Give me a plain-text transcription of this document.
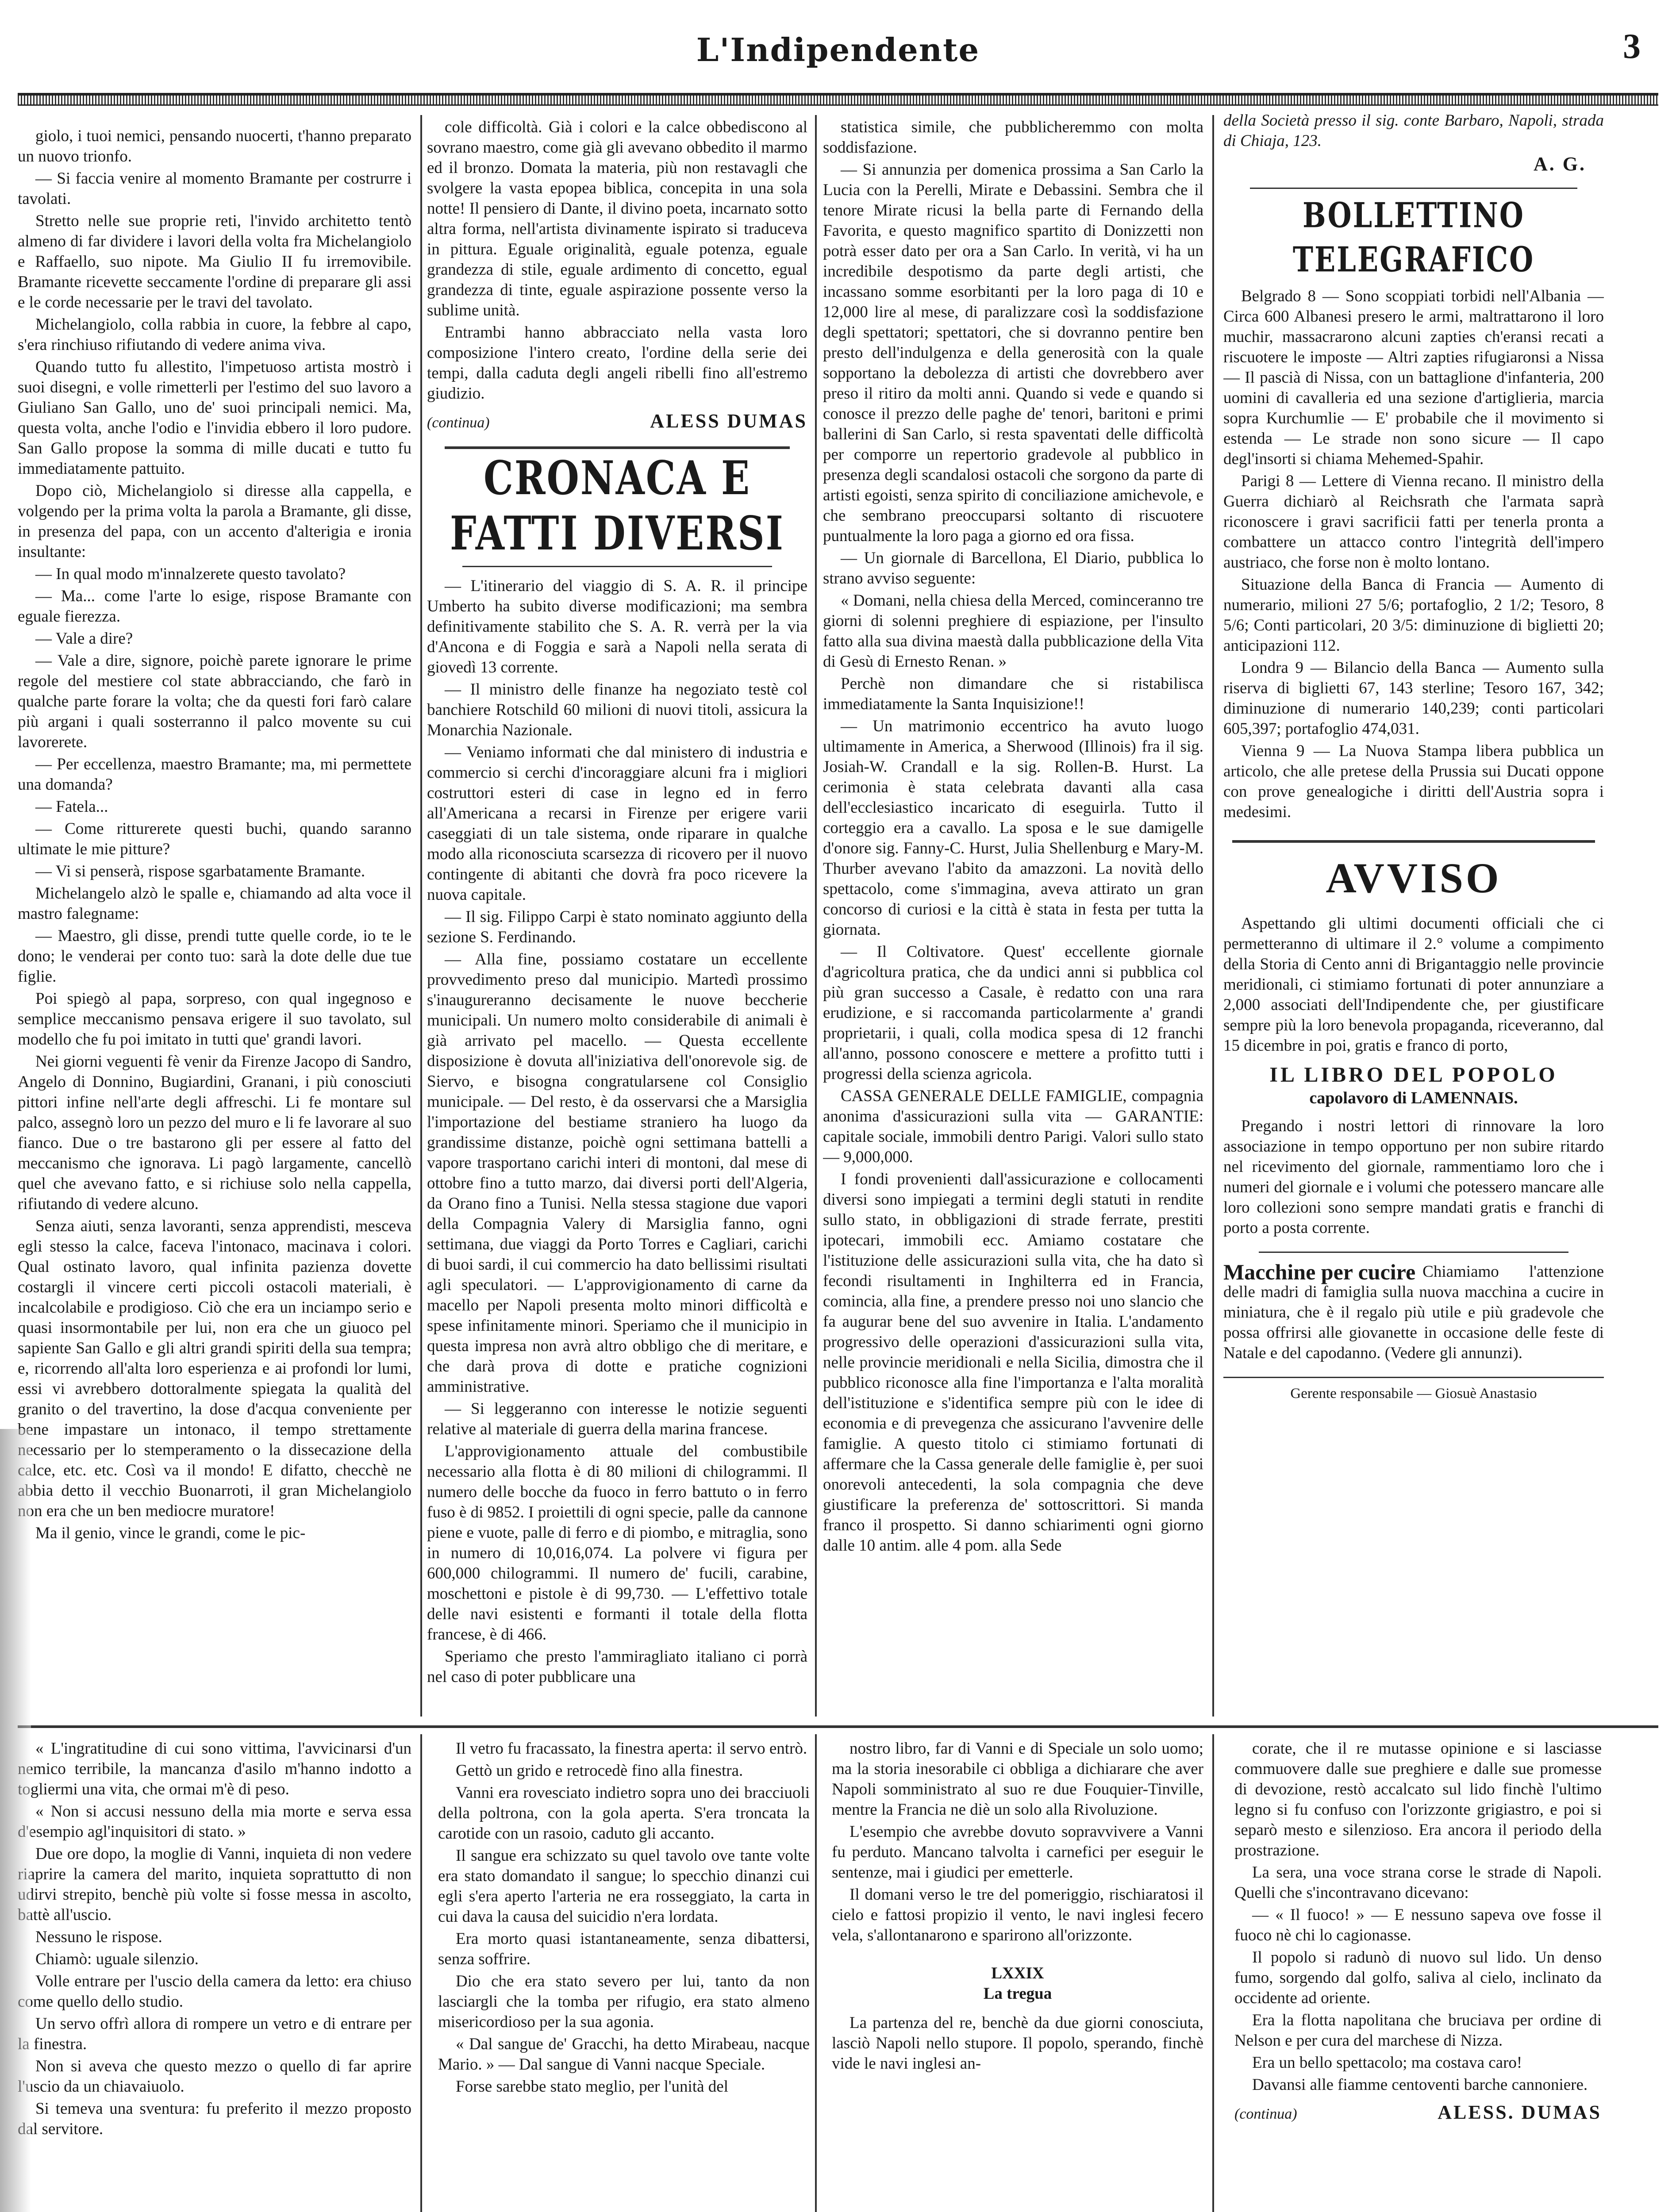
L'Indipendente	3

giolo, i tuoi nemici, pensando nuocerti, t'hanno preparato un nuovo trionfo.

— Si faccia venire al momento Bramante per costrurre i tavolati.

Stretto nelle sue proprie reti, l'invido architetto tentò almeno di far dividere i lavori della volta fra Michelangiolo e Raffaello, suo nipote. Ma Giulio II fu irremovibile. Bramante ricevette seccamente l'ordine di preparare gli assi e le corde necessarie per le travi del tavolato.

Michelangiolo, colla rabbia in cuore, la febbre al capo, s'era rinchiuso rifiutando di vedere anima viva.

Quando tutto fu allestito, l'impetuoso artista mostrò i suoi disegni, e volle rimetterli per l'estimo del suo lavoro a Giuliano San Gallo, uno de' suoi principali nemici. Ma, questa volta, anche l'odio e l'invidia ebbero il loro pudore. San Gallo propose la somma di mille ducati e tutto fu immediatamente pattuito.

Dopo ciò, Michelangiolo si diresse alla cappella, e volgendo per la prima volta la parola a Bramante, gli disse, in presenza del papa, con un accento d'alterigia e ironia insultante:

— In qual modo m'innalzerete questo tavolato?

— Ma... come l'arte lo esige, rispose Bramante con eguale fierezza.

— Vale a dire?

— Vale a dire, signore, poichè parete ignorare le prime regole del mestiere col state abbracciando, che farò in qualche parte forare la volta; che da questi fori farò calare più argani i quali sosterranno il palco movente su cui lavorerete.

— Per eccellenza, maestro Bramante; ma, mi permettete una domanda?

— Fatela...

— Come ritturerete questi buchi, quando saranno ultimate le mie pitture?

— Vi si penserà, rispose sgarbatamente Bramante.

Michelangelo alzò le spalle e, chiamando ad alta voce il mastro falegname:

— Maestro, gli disse, prendi tutte quelle corde, io te le dono; le venderai per conto tuo: sarà la dote delle due tue figlie.

Poi spiegò al papa, sorpreso, con qual ingegnoso e semplice meccanismo pensava erigere il suo tavolato, sul modello che fu poi imitato in tutti que' grandi lavori.

Nei giorni veguenti fè venir da Firenze Jacopo di Sandro, Angelo di Donnino, Bugiardini, Granani, i più conosciuti pittori infine nell'arte degli affreschi. Li fe montare sul palco, assegnò loro un pezzo del muro e li fe lavorare al suo fianco. Due o tre bastarono gli per essere al fatto del meccanismo che ignorava. Li pagò largamente, cancellò quel che avevano fatto, e si richiuse solo nella cappella, rifiutando di vedere alcuno.

Senza aiuti, senza lavoranti, senza apprendisti, mesceva egli stesso la calce, faceva l'intonaco, macinava i colori. Qual ostinato lavoro, qual infinita pazienza dovette costargli il vincere certi piccoli ostacoli materiali, è incalcolabile e prodigioso. Ciò che era un inciampo serio e quasi insormontabile per lui, non era che un giuoco pel sapiente San Gallo e gli altri grandi spiriti della sua tempra; e, ricorrendo all'alta loro esperienza e ai profondi lor lumi, essi vi avrebbero dottoralmente spiegata la qualità del granito o del travertino, la dose d'acqua conveniente per bene impastare un intonaco, il tempo strettamente necessario per lo stemperamento o la dissecazione della calce, etc. etc. Così va il mondo! E difatto, checchè ne abbia detto il vecchio Buonarroti, il gran Michelangiolo non era che un ben mediocre muratore!

Ma il genio, vince le grandi, come le pic-

cole difficoltà. Già i colori e la calce obbediscono al sovrano maestro, come già gli avevano obbedito il marmo ed il bronzo. Domata la materia, più non restavagli che svolgere la vasta epopea biblica, concepita in una sola notte! Il pensiero di Dante, il divino poeta, incarnato sotto altra forma, nell'artista divinamente ispirato si traduceva in pittura. Eguale originalità, eguale potenza, eguale grandezza di stile, eguale ardimento di concetto, egual grandezza di tinte, eguale aspirazione possente verso la sublime unità.

Entrambi hanno abbracciato nella vasta loro composizione l'intero creato, l'ordine della serie dei tempi, dalla caduta degli angeli ribelli fino all'estremo giudizio.

(continua)	ALESS DUMAS
CRONACA E FATTI DIVERSI

— L'itinerario del viaggio di S. A. R. il principe Umberto ha subito diverse modificazioni; ma sembra definitivamente stabilito che S. A. R. verrà per la via d'Ancona e di Foggia e sarà a Napoli nella serata di giovedì 13 corrente.

— Il ministro delle finanze ha negoziato testè col banchiere Rotschild 60 milioni di nuovi titoli, assicura la Monarchia Nazionale.

— Veniamo informati che dal ministero di industria e commercio si cerchi d'incoraggiare alcuni fra i migliori costruttori esteri di case in legno ed in ferro all'Americana a recarsi in Firenze per erigere varii caseggiati di un tale sistema, onde riparare in qualche modo alla riconosciuta scarsezza di ricovero per il nuovo contingente di abitanti che dovrà fra poco ricevere la nuova capitale.

— Il sig. Filippo Carpi è stato nominato aggiunto della sezione S. Ferdinando.

— Alla fine, possiamo costatare un eccellente provvedimento preso dal municipio. Martedì prossimo s'inaugureranno decisamente le nuove beccherie municipali. Un numero molto considerabile di animali è già arrivato pel macello. — Questa eccellente disposizione è dovuta all'iniziativa dell'onorevole sig. de Siervo, e bisogna congratularsene col Consiglio municipale. — Del resto, è da osservarsi che a Marsiglia l'importazione del bestiame straniero ha luogo da grandissime distanze, poichè ogni settimana battelli a vapore trasportano carichi interi di montoni, dal mese di ottobre fino a tutto marzo, dai diversi porti dell'Algeria, da Orano fino a Tunisi. Nella stessa stagione due vapori della Compagnia Valery di Marsiglia fanno, ogni settimana, due viaggi da Porto Torres e Cagliari, carichi di buoi sardi, il cui commercio ha dato bellissimi risultati agli speculatori. — L'approvigionamento di carne da macello per Napoli presenta molto minori difficoltà e spese infinitamente minori. Speriamo che il municipio in questa impresa non avrà altro obbligo che di meritare, e che darà prova di dotte e pratiche cognizioni amministrative.

— Si leggeranno con interesse le notizie seguenti relative al materiale di guerra della marina francese.

L'approvigionamento attuale del combustibile necessario alla flotta è di 80 milioni di chilogrammi. Il numero delle bocche da fuoco in ferro battuto o in ferro fuso è di 9852. I proiettili di ogni specie, palle da cannone piene e vuote, palle di ferro e di piombo, e mitraglia, sono in numero di 10,016,074. La polvere vi figura per 600,000 chilogrammi. Il numero de' fucili, carabine, moschettoni e pistole è di 99,730. — L'effettivo totale delle navi esistenti e formanti il totale della flotta francese, è di 466.

Speriamo che presto l'ammiragliato italiano ci porrà nel caso di poter pubblicare una

statistica simile, che pubblicheremmo con molta soddisfazione.

— Si annunzia per domenica prossima a San Carlo la Lucia con la Perelli, Mirate e Debassini. Sembra che il tenore Mirate ricusi la bella parte di Fernando della Favorita, e questo magnifico spartito di Donizzetti non potrà esser dato per ora a San Carlo. In verità, vi ha un incredibile despotismo da parte degli artisti, che incassano somme esorbitanti per la loro paga di 10 e 12,000 lire al mese, di paralizzare così la soddisfazione degli spettatori; spettatori, che si dovranno pentire ben presto dell'indulgenza e della generosità con la quale sopportano la debolezza di artisti che dovrebbero aver preso il ritiro da molti anni. Quando si vede e quando si conosce il prezzo delle paghe de' tenori, baritoni e primi ballerini di San Carlo, si resta spaventati delle difficoltà per comporre un repertorio gradevole al pubblico in presenza degli scandalosi ostacoli che sorgono da parte di artisti egoisti, senza spirito di conciliazione amichevole, e che sembrano preoccuparsi soltanto di riscuotere puntualmente la loro paga a giorno ed ora fissa.

— Un giornale di Barcellona, El Diario, pubblica lo strano avviso seguente:

« Domani, nella chiesa della Merced, cominceranno tre giorni di solenni preghiere di espiazione, per l'insulto fatto alla sua divina maestà dalla pubblicazione della Vita di Gesù di Ernesto Renan. »

Perchè non dimandare che si ristabilisca immediatamente la Santa Inquisizione!!

— Un matrimonio eccentrico ha avuto luogo ultimamente in America, a Sherwood (Illinois) fra il sig. Josiah-W. Crandall e la sig. Rollen-B. Hurst. La cerimonia è stata celebrata davanti alla casa dell'ecclesiastico incaricato di eseguirla. Tutto il corteggio era a cavallo. La sposa e le sue damigelle d'onore sig. Fanny-C. Hurst, Julia Shellenburg e Mary-M. Thurber avevano l'abito da amazzoni. La novità dello spettacolo, come s'immagina, aveva attirato un gran concorso di curiosi e la città è stata in festa per tutta la giornata.

— Il Coltivatore. Quest' eccellente giornale d'agricoltura pratica, che da undici anni si pubblica col più gran successo a Casale, è redatto con una rara erudizione, e si raccomanda particolarmente a' grandi proprietarii, i quali, colla modica spesa di 12 franchi all'anno, possono conoscere e mettere a profitto tutti i progressi della scienza agricola.

CASSA GENERALE DELLE FAMIGLIE, compagnia anonima d'assicurazioni sulla vita — GARANTIE: capitale sociale, immobili dentro Parigi. Valori sullo stato — 9,000,000.

I fondi provenienti dall'assicurazione e collocamenti diversi sono impiegati a termini degli statuti in rendite sullo stato, in obbligazioni di strade ferrate, prestiti ipotecari, immobili ecc. Amiamo costatare che l'istituzione delle assicurazioni sulla vita, che ha dato sì fecondi risultamenti in Inghilterra ed in Francia, comincia, alla fine, a prendere presso noi uno slancio che fa augurar bene del suo avvenire in Italia. L'andamento progressivo delle operazioni d'assicurazioni sulla vita, nelle provincie meridionali e nella Sicilia, dimostra che il pubblico riconosce alla fine l'importanza e l'alta moralità dell'istituzione e s'identifica sempre più con le idee di economia e di prevegenza che assicurano l'avvenire delle famiglie. A questo titolo ci stimiamo fortunati di affermare che la Cassa generale delle famiglie è, per suoi onorevoli antecedenti, la sola compagnia che deve giustificare la preferenza de' sottoscrittori. Si manda franco il prospetto. Si danno schiarimenti ogni giorno dalle 10 antim. alle 4 pom. alla Sede

della Società presso il sig. conte Barbaro, Napoli, strada di Chiaja, 123.

A. G.
BOLLETTINO TELEGRAFICO

Belgrado 8 — Sono scoppiati torbidi nell'Albania — Circa 600 Albanesi presero le armi, maltrattarono il loro muchir, massacrarono alcuni zapties ch'eransi recati a riscuotere le imposte — Altri zapties rifugiaronsi a Nissa — Il pascià di Nissa, con un battaglione d'infanteria, 200 uomini di cavalleria ed una sezione d'artiglieria, marcia sopra Kurchumlie — E' probabile che il movimento si estenda — Le strade non sono sicure — Il capo degl'insorti si chiama Mehemed-Spahir.

Parigi 8 — Lettere di Vienna recano. Il ministro della Guerra dichiarò al Reichsrath che l'armata saprà riconoscere i gravi sacrificii fatti per tenerla pronta a combattere un attacco contro l'integrità dell'impero austriaco, che forse non è molto lontano.

Situazione della Banca di Francia — Aumento di numerario, milioni 27 5/6; portafoglio, 2 1/2; Tesoro, 8 5/6; Conti particolari, 20 3/5: diminuzione di biglietti 20; anticipazioni 112.

Londra 9 — Bilancio della Banca — Aumento sulla riserva di biglietti 67, 143 sterline; Tesoro 167, 342; diminuzione di numerario 140,239; conti particolari 605,397; portafoglio 474,031.

Vienna 9 — La Nuova Stampa libera pubblica un articolo, che alle pretese della Prussia sui Ducati oppone con prove genealogiche i diritti dell'Austria sopra i medesimi.

AVVISO

Aspettando gli ultimi documenti officiali che ci permetteranno di ultimare il 2.° volume a compimento della Storia di Cento anni di Brigantaggio nelle provincie meridionali, ci stimiamo fortunati di poter annunziare a 2,000 associati dell'Indipendente che, per giustificare sempre più la loro benevola propaganda, riceveranno, dal 15 dicembre in poi, gratis e franco di porto,

IL LIBRO DEL POPOLO
capolavoro di LAMENNAIS.

Pregando i nostri lettori di rinnovare la loro associazione in tempo opportuno per non subire ritardo nel ricevimento del giornale, rammentiamo loro che i numeri del giornale e i volumi che potessero mancare alle loro collezioni sono sempre mandati gratis e franchi di porto a posta corrente.

Macchine per cucire Chiamiamo l'attenzione delle madri di famiglia sulla nuova macchina a cucire in miniatura, che è il regalo più utile e più gradevole che possa offrirsi alle giovanette in occasione delle feste di Natale e del capodanno. (Vedere gli annunzi).
Gerente responsabile — Giosuè Anastasio

« L'ingratitudine di cui sono vittima, l'avvicinarsi d'un nemico terribile, la mancanza d'asilo m'hanno indotto a togliermi una vita, che ormai m'è di peso.

« Non si accusi nessuno della mia morte e serva essa d'esempio agl'inquisitori di stato. »

Due ore dopo, la moglie di Vanni, inquieta di non vedere riaprire la camera del marito, inquieta soprattutto di non udirvi strepito, benchè più volte si fosse messa in ascolto, battè all'uscio.

Nessuno le rispose.

Chiamò: uguale silenzio.

Volle entrare per l'uscio della camera da letto: era chiuso come quello dello studio.

Un servo offrì allora di rompere un vetro e di entrare per la finestra.

Non si aveva che questo mezzo o quello di far aprire l'uscio da un chiavaiuolo.

Si temeva una sventura: fu preferito il mezzo proposto dal servitore.

Il vetro fu fracassato, la finestra aperta: il servo entrò.

Gettò un grido e retrocedè fino alla finestra.

Vanni era rovesciato indietro sopra uno dei bracciuoli della poltrona, con la gola aperta. S'era troncata la carotide con un rasoio, caduto gli accanto.

Il sangue era schizzato su quel tavolo ove tante volte era stato domandato il sangue; lo specchio dinanzi cui egli s'era aperto l'arteria ne era rosseggiato, la carta in cui dava la causa del suicidio n'era lordata.

Era morto quasi istantaneamente, senza dibattersi, senza soffrire.

Dio che era stato severo per lui, tanto da non lasciargli che la tomba per rifugio, era stato almeno misericordioso per la sua agonia.

« Dal sangue de' Gracchi, ha detto Mirabeau, nacque Mario. » — Dal sangue di Vanni nacque Speciale.

Forse sarebbe stato meglio, per l'unità del

nostro libro, far di Vanni e di Speciale un solo uomo; ma la storia inesorabile ci obbliga a dichiarare che aver Napoli somministrato al suo re due Fouquier-Tinville, mentre la Francia ne diè un solo alla Rivoluzione.

L'esempio che avrebbe dovuto sopravvivere a Vanni fu perduto. Mancano talvolta i carnefici per eseguir le sentenze, mai i giudici per emetterle.

Il domani verso le tre del pomeriggio, rischiaratosi il cielo e fattosi propizio il vento, le navi inglesi fecero vela, s'allontanarono e sparirono all'orizzonte.

LXXIX
La tregua

La partenza del re, benchè da due giorni conosciuta, lasciò Napoli nello stupore. Il popolo, sperando, finchè vide le navi inglesi an-

corate, che il re mutasse opinione e si lasciasse commuovere dalle sue preghiere e dalle sue promesse di devozione, restò accalcato sul lido finchè l'ultimo legno si fu confuso con l'orizzonte grigiastro, e poi si separò mesto e silenzioso. Era ancora il periodo della prostrazione.

La sera, una voce strana corse le strade di Napoli. Quelli che s'incontravano dicevano:

— « Il fuoco! » — E nessuno sapeva ove fosse il fuoco nè chi lo cagionasse.

Il popolo si radunò di nuovo sul lido. Un denso fumo, sorgendo dal golfo, saliva al cielo, inclinato da occidente ad oriente.

Era la flotta napolitana che bruciava per ordine di Nelson e per cura del marchese di Nizza.

Era un bello spettacolo; ma costava caro!

Davansi alle fiamme centoventi barche cannoniere.

(continua)	ALESS. DUMAS
